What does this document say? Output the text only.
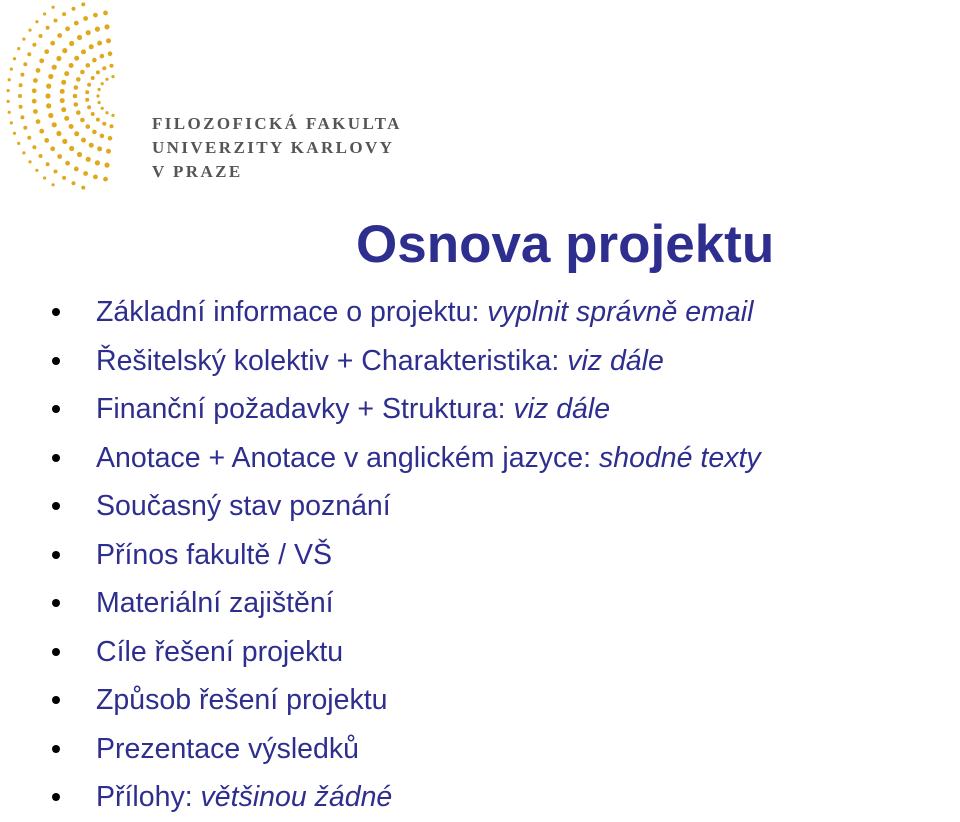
FILOZOFICKÁ FAKULTA
UNIVERZITY KARLOVY
V PRAZE
Osnova projektu
Základní informace o projektu: vyplnit správně email
Řešitelský kolektiv + Charakteristika: viz dále
Finanční požadavky + Struktura: viz dále
Anotace + Anotace v anglickém jazyce: shodné texty
Současný stav poznání
Přínos fakultě / VŠ
Materiální zajištění
Cíle řešení projektu
Způsob řešení projektu
Prezentace výsledků
Přílohy: většinou žádné
